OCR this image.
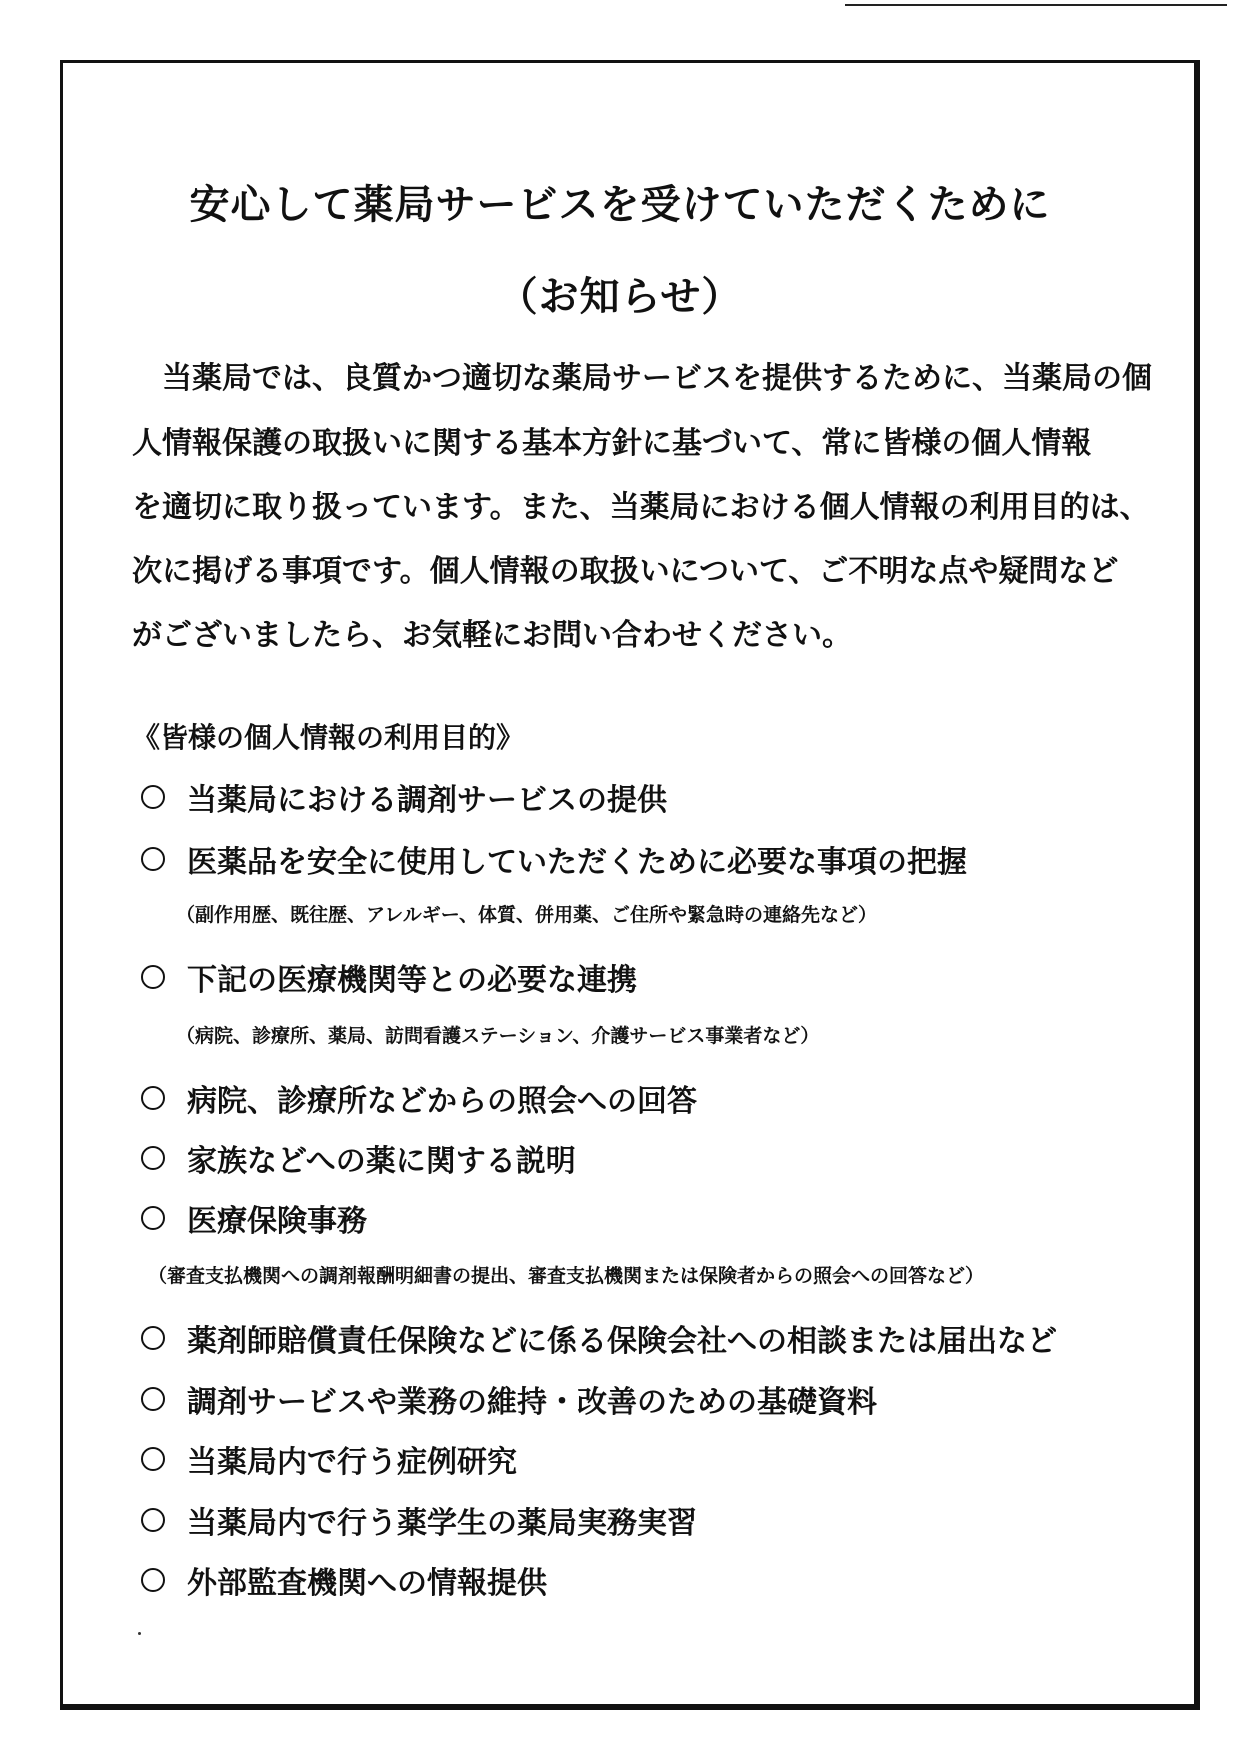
安心して薬局サービスを受けていただくために
（お知らせ）
　当薬局では、良質かつ適切な薬局サービスを提供するために、当薬局の個
人情報保護の取扱いに関する基本方針に基づいて、常に皆様の個人情報
を適切に取り扱っています。また、当薬局における個人情報の利用目的は、
次に掲げる事項です。個人情報の取扱いについて、ご不明な点や疑問など
がございましたら、お気軽にお問い合わせください。
《皆様の個人情報の利用目的》
当薬局における調剤サービスの提供
医薬品を安全に使用していただくために必要な事項の把握
（副作用歴、既往歴、アレルギー、体質、併用薬、ご住所や緊急時の連絡先など）
下記の医療機関等との必要な連携
（病院、診療所、薬局、訪問看護ステーション、介護サービス事業者など）
病院、診療所などからの照会への回答
家族などへの薬に関する説明
医療保険事務
（審査支払機関への調剤報酬明細書の提出、審査支払機関または保険者からの照会への回答など）
薬剤師賠償責任保険などに係る保険会社への相談または届出など
調剤サービスや業務の維持・改善のための基礎資料
当薬局内で行う症例研究
当薬局内で行う薬学生の薬局実務実習
外部監査機関への情報提供
